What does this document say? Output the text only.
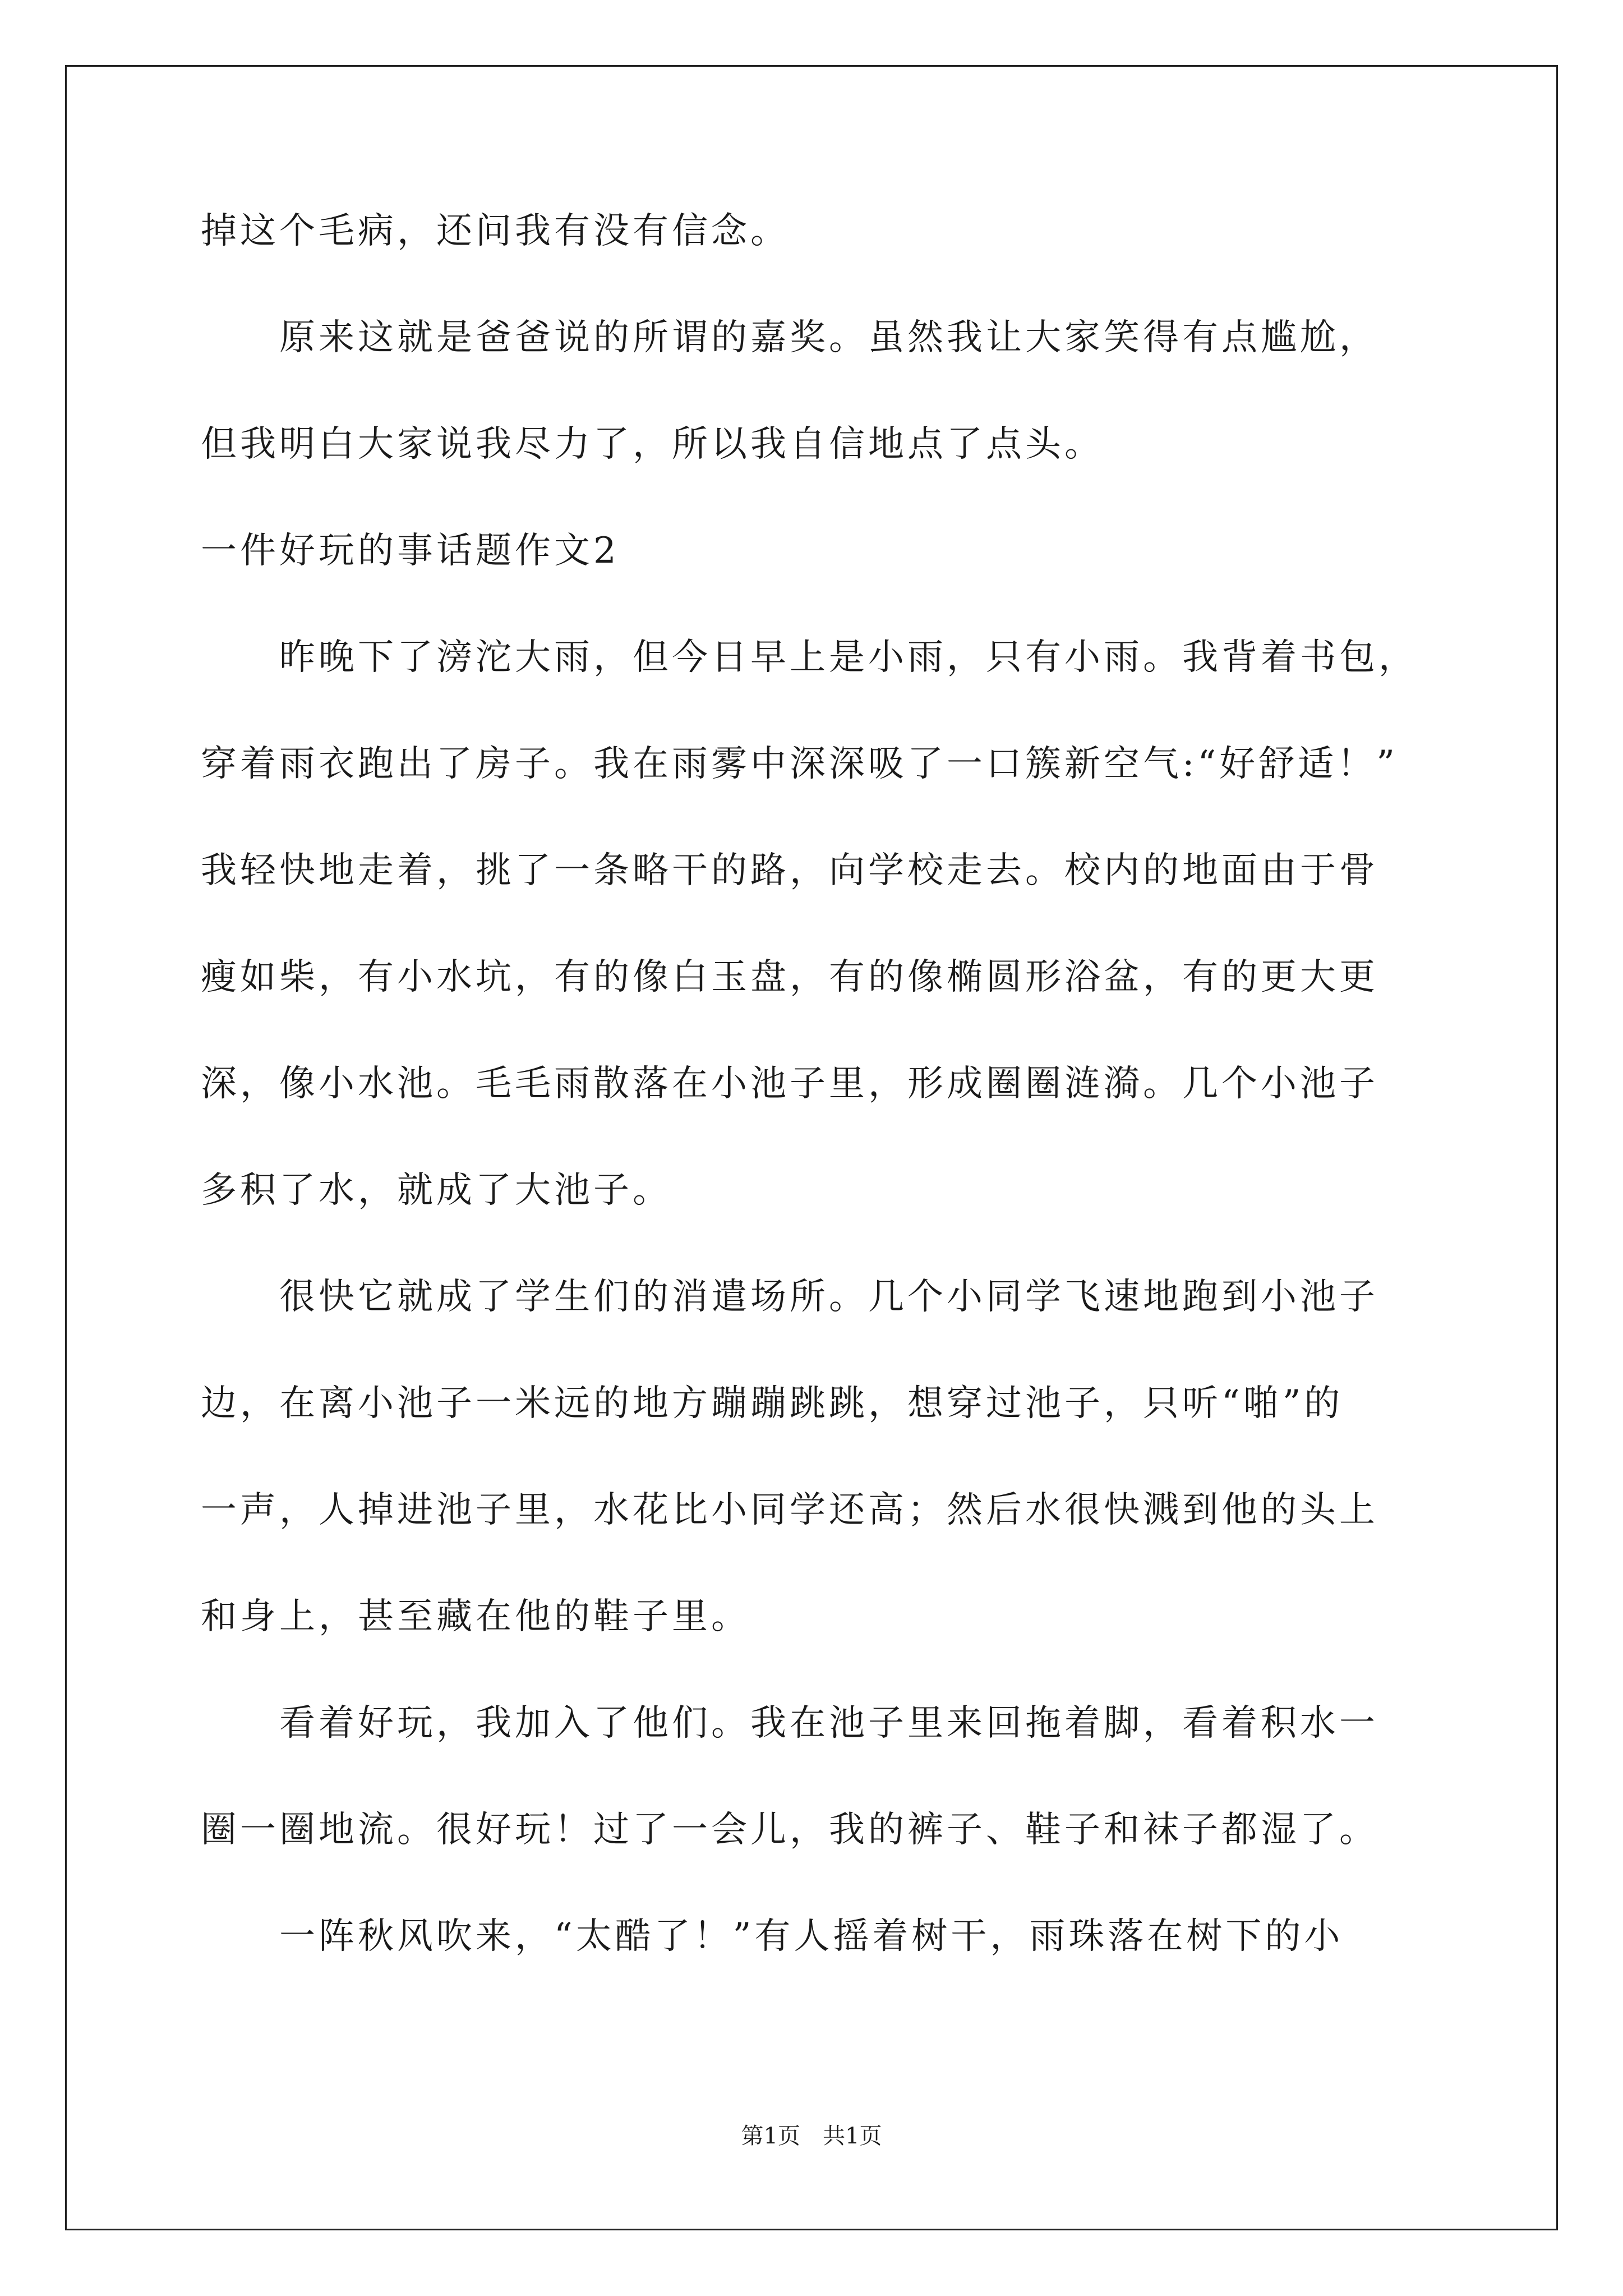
掉这个毛病，还问我有没有信念。
　　原来这就是爸爸说的所谓的嘉奖。虽然我让大家笑得有点尴尬，
但我明白大家说我尽力了，所以我自信地点了点头。
一件好玩的事话题作文2
　　昨晚下了滂沱大雨，但今日早上是小雨，只有小雨。我背着书包，
穿着雨衣跑出了房子。我在雨雾中深深吸了一口簇新空气:“好舒适！”
我轻快地走着，挑了一条略干的路，向学校走去。校内的地面由于骨
瘦如柴，有小水坑，有的像白玉盘，有的像椭圆形浴盆，有的更大更
深，像小水池。毛毛雨散落在小池子里，形成圈圈涟漪。几个小池子
多积了水，就成了大池子。
　　很快它就成了学生们的消遣场所。几个小同学飞速地跑到小池子
边，在离小池子一米远的地方蹦蹦跳跳，想穿过池子，只听“啪”的
一声，人掉进池子里，水花比小同学还高；然后水很快溅到他的头上
和身上，甚至藏在他的鞋子里。
　　看着好玩，我加入了他们。我在池子里来回拖着脚，看着积水一
圈一圈地流。很好玩！过了一会儿，我的裤子、鞋子和袜子都湿了。
　　一阵秋风吹来，“太酷了！”有人摇着树干，雨珠落在树下的小
第1页　共1页
